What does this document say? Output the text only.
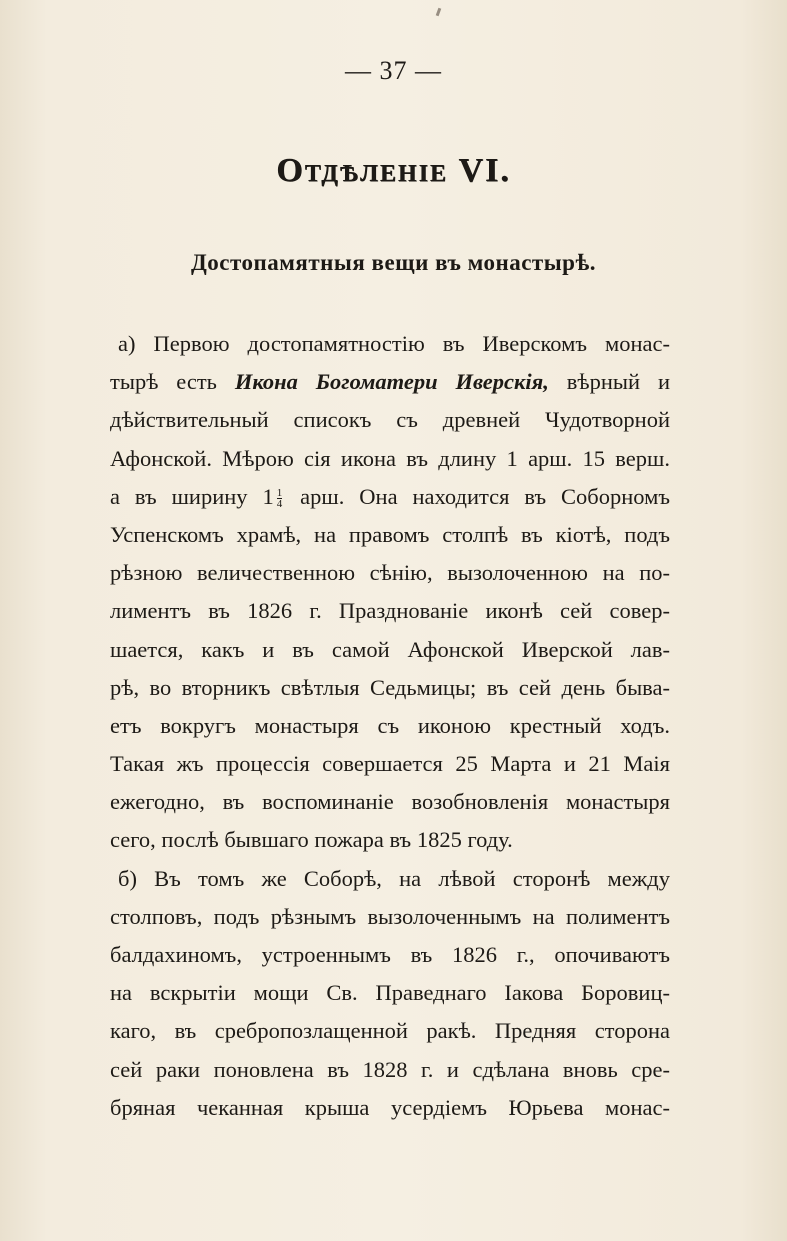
— 37 —
Отдѣленіе VI.
Достопамятныя вещи въ монастырѣ.
а) Первою достопамятностію въ Иверскомъ монас-
тырѣ есть Икона Богоматери Иверскія, вѣрный и
дѣйствительный списокъ съ древней Чудотворной
Афонской. Мѣрою сія икона въ длину 1 арш. 15 верш.
а въ ширину $1 \frac{1}{4}$ арш. Она находится въ Соборномъ
Успенскомъ храмѣ, на правомъ столпѣ въ кіотѣ, подъ
рѣзною величественною сѣнію, вызолоченною на по-
лиментъ въ 1826 г. Празднованіе иконѣ сей совер-
шается, какъ и въ самой Афонской Иверской лав-
рѣ, во вторникъ свѣтлыя Седьмицы; въ сей день быва-
етъ вокругъ монастыря съ иконою крестный ходъ.
Такая жъ процессія совершается 25 Марта и 21 Маія
ежегодно, въ воспоминаніе возобновленія монастыря
сего, послѣ бывшаго пожара въ 1825 году.
б) Въ томъ же Соборѣ, на лѣвой сторонѣ между
столповъ, подъ рѣзнымъ вызолоченнымъ на полиментъ
балдахиномъ, устроеннымъ въ 1826 г., опочиваютъ
на вскрытіи мощи Св. Праведнаго Іакова Боровиц-
каго, въ сребропозлащенной ракѣ. Предняя сторона
сей раки поновлена въ 1828 г. и сдѣлана вновь сре-
бряная чеканная крыша усердіемъ Юрьева монас-
